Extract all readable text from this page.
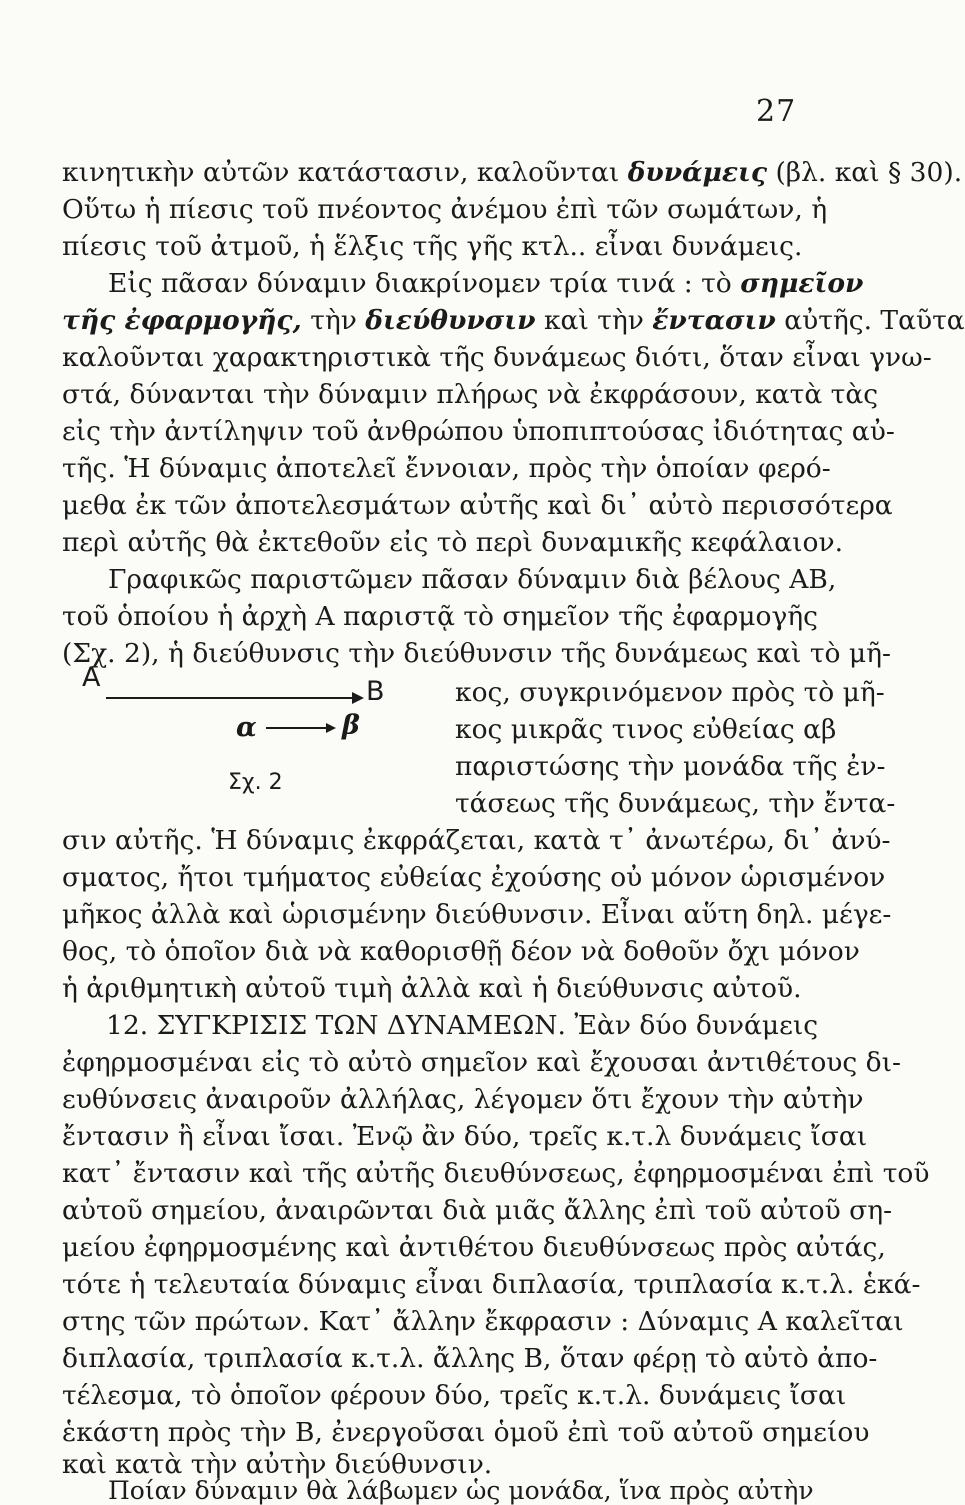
27
κινητικὴν αὐτῶν κατάστασιν, καλοῦνται δυνάμεις (βλ. καὶ § 30).
Οὕτω ἡ πίεσις τοῦ πνέοντος ἀνέμου ἐπὶ τῶν σωμάτων, ἡ
πίεσις τοῦ ἀτμοῦ, ἡ ἕλξις τῆς γῆς κτλ.. εἶναι δυνάμεις.
Εἰς πᾶσαν δύναμιν διακρίνομεν τρία τινά : τὸ σημεῖον
τῆς ἐφαρμογῆς, τὴν διεύθυνσιν καὶ τὴν ἔντασιν αὐτῆς. Ταῦτα
καλοῦνται χαρακτηριστικὰ τῆς δυνάμεως διότι, ὅταν εἶναι γνω-
στά, δύνανται τὴν δύναμιν πλήρως νὰ ἐκφράσουν, κατὰ τὰς
εἰς τὴν ἀντίληψιν τοῦ ἀνθρώπου ὑποπιπτούσας ἰδιότητας αὐ-
τῆς. Ἡ δύναμις ἀποτελεῖ ἔννοιαν, πρὸς τὴν ὁποίαν φερό-
μεθα ἐκ τῶν ἀποτελεσμάτων αὐτῆς καὶ δι᾽ αὐτὸ περισσότερα
περὶ αὐτῆς θὰ ἐκτεθοῦν εἰς τὸ περὶ δυναμικῆς κεφάλαιον.
Γραφικῶς παριστῶμεν πᾶσαν δύναμιν διὰ βέλους ΑΒ,
τοῦ ὁποίου ἡ ἀρχὴ Α παριστᾷ τὸ σημεῖον τῆς ἐφαρμογῆς
(Σχ. 2), ἡ διεύθυνσις τὴν διεύθυνσιν τῆς δυνάμεως καὶ τὸ μῆ-
κος, συγκρινόμενον πρὸς τὸ μῆ-
κος μικρᾶς τινος εὐθείας αβ
παριστώσης τὴν μονάδα τῆς ἐν-
τάσεως τῆς δυνάμεως, τὴν ἔντα-
Α	Β
α	β
Σχ. 2
σιν αὐτῆς. Ἡ δύναμις ἐκφράζεται, κατὰ τ᾽ ἀνωτέρω, δι᾽ ἀνύ-
σματος, ἤτοι τμήματος εὐθείας ἐχούσης οὐ μόνον ὡρισμένον
μῆκος ἀλλὰ καὶ ὡρισμένην διεύθυνσιν. Εἶναι αὕτη δηλ. μέγε-
θος, τὸ ὁποῖον διὰ νὰ καθορισθῇ δέον νὰ δοθοῦν ὄχι μόνον
ἡ ἀριθμητικὴ αὐτοῦ τιμὴ ἀλλὰ καὶ ἡ διεύθυνσις αὐτοῦ.
12. ΣΥΓΚΡΙΣΙΣ ΤΩΝ ΔΥΝΑΜΕΩΝ. Ἐὰν δύο δυνάμεις
ἐφηρμοσμέναι εἰς τὸ αὐτὸ σημεῖον καὶ ἔχουσαι ἀντιθέτους δι-
ευθύνσεις ἀναιροῦν ἀλλήλας, λέγομεν ὅτι ἔχουν τὴν αὐτὴν
ἔντασιν ἢ εἶναι ἴσαι. Ἐνῷ ἂν δύο, τρεῖς κ.τ.λ δυνάμεις ἴσαι
κατ᾽ ἔντασιν καὶ τῆς αὐτῆς διευθύνσεως, ἐφηρμοσμέναι ἐπὶ τοῦ
αὐτοῦ σημείου, ἀναιρῶνται διὰ μιᾶς ἄλλης ἐπὶ τοῦ αὐτοῦ ση-
μείου ἐφηρμοσμένης καὶ ἀντιθέτου διευθύνσεως πρὸς αὐτάς,
τότε ἡ τελευταία δύναμις εἶναι διπλασία, τριπλασία κ.τ.λ. ἑκά-
στης τῶν πρώτων. Κατ᾽ ἄλλην ἔκφρασιν : Δύναμις Α καλεῖται
διπλασία, τριπλασία κ.τ.λ. ἄλλης Β, ὅταν φέρῃ τὸ αὐτὸ ἀπο-
τέλεσμα, τὸ ὁποῖον φέρουν δύο, τρεῖς κ.τ.λ. δυνάμεις ἴσαι
ἑκάστη πρὸς τὴν Β, ἐνεργοῦσαι ὁμοῦ ἐπὶ τοῦ αὐτοῦ σημείου
καὶ κατὰ τὴν αὐτὴν διεύθυνσιν.
Ποίαν δύναμιν θὰ λάβωμεν ὡς μονάδα, ἵνα πρὸς αὐτὴν
